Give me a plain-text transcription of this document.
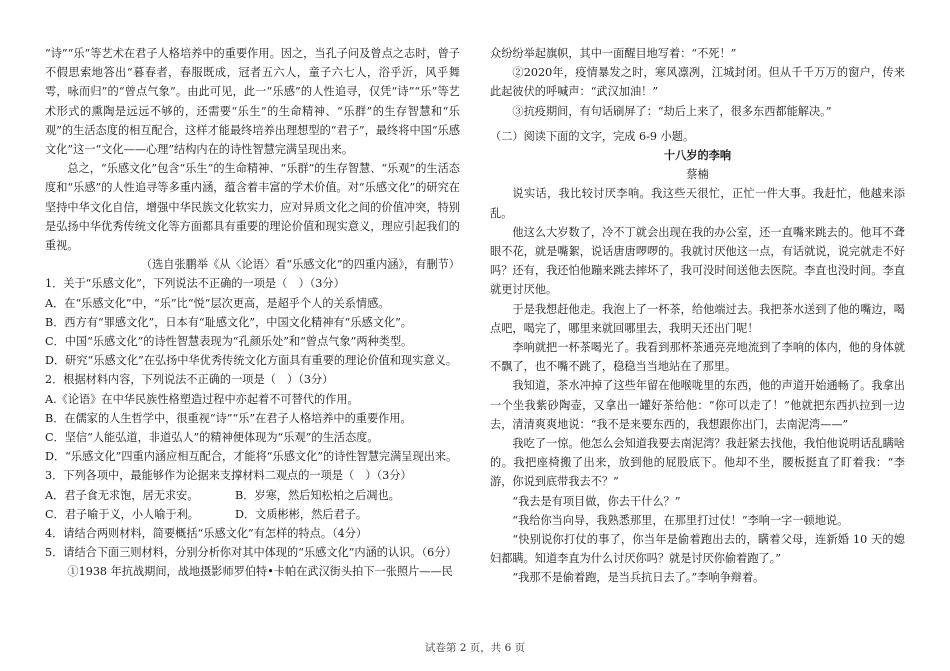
“诗”“乐”等艺术在君子人格培养中的重要作用。因之，当孔子问及曾点之志时，曾子不假思索地答出“暮春者，春服既成，冠者五六人，童子六七人，浴乎沂，风乎舞雩，咏而归”的“曾点气象”。由此可见，此一“乐感”的人性追寻，仅凭“诗”“乐”等艺术形式的熏陶是远远不够的，还需要“乐生”的生命精神、“乐群”的生存智慧和“乐观”的生活态度的相互配合，这样才能最终培养出理想型的“君子”，最终将中国“乐感文化”这一“文化——心理”结构内在的诗性智慧完满呈现出来。

总之，“乐感文化”包含“乐生”的生命精神、“乐群”的生存智慧、“乐观”的生活态度和“乐感”的人性追寻等多重内涵，蕴含着丰富的学术价值。对“乐感文化”的研究在坚持中华文化自信，增强中华民族文化软实力，应对异质文化之间的价值冲突，特别是弘扬中华优秀传统文化等方面都具有重要的理论价值和现实意义，理应引起我们的重视。

（选自张鹏举《从〈论语〉看“乐感文化”的四重内涵》，有删节）

1．关于“乐感文化”，下列说法不正确的一项是（　）（3分）

A．在“乐感文化”中，“乐”比“悦”层次更高，是超乎个人的关系情感。

B．西方有“罪感文化”，日本有“耻感文化”，中国文化精神有“乐感文化”。

C．中国“乐感文化”的诗性智慧表现为“孔颜乐处”和“曾点气象”两种类型。

D．研究“乐感文化”在弘扬中华优秀传统文化方面具有重要的理论价值和现实意义。

2．根据材料内容，下列说法不正确的一项是（　）（3分）

A.《论语》在中华民族性格塑造过程中亦起着不可替代的作用。

B．在儒家的人生哲学中，很重视“诗”“乐”在君子人格培养中的重要作用。

C．坚信“人能弘道，非道弘人”的精神便体现为“乐观”的生活态度。

D．“乐感文化”四重内涵应相互配合，才能将“乐感文化”的诗性智慧完满呈现出来。

3．下列各项中，最能够作为论据来支撑材料二观点的一项是（　）（3分）

A．君子食无求饱，居无求安。	B．岁寒，然后知松柏之后凋也。
C．君子喻于义，小人喻于利。	D．文质彬彬，然后君子。

4．请结合两则材料，简要概括“乐感文化”有怎样的特点。（4分）

5．请结合下面三则材料，分别分析你对其中体现的“乐感文化”内涵的认识。（6分）

①1938 年抗战期间，战地摄影师罗伯特•卡帕在武汉街头拍下一张照片——民

众纷纷举起旗帜，其中一面醒目地写着：“不死！”

②2020年，疫情暴发之时，寒风凛冽，江城封闭。但从千千万万的窗户，传来此起彼伏的呼喊声：“武汉加油！”

③抗疫期间，有句话刷屏了：“劫后上来了，很多东西都能解决。”

（二）阅读下面的文字，完成 6-9 小题。

十八岁的李响

蔡楠

说实话，我比较讨厌李响。我这些天很忙，正忙一件大事。我赶忙，他越来添乱。

他这么大岁数了，冷不丁就会出现在我的办公室，还一直嘴来跳去的。他耳不聋眼不花，就是嘴絮，说话唐唐啰啰的。我就讨厌他这一点，有话就说，说完就走不好吗？还有，我还怕他蹦来跳去摔坏了，我可没时间送他去医院。李直也没时间。李直就更讨厌他。

于是我想赶他走。我泡上了一杯茶，给他端过去。我把茶水送到了他的嘴边，喝点吧，喝完了，哪里来就回哪里去，我明天还出门呢！

李响就把一杯茶喝光了。我看到那杯茶通亮亮地流到了李响的体内，他的身体就不飘了，也不嘴不跳了，稳稳当当地站在了那里。

我知道，茶水冲掉了这些年留在他喉咙里的东西，他的声道开始通畅了。我拿出一个坐我紫砂陶壶，又拿出一罐好茶给他：“你可以走了！”他就把东西扒拉到一边去，清清爽爽地说：“我不是来要东西的，我想跟你出门，去南泥湾——”

我吃了一惊。他怎么会知道我要去南泥湾？我赶紧去找他，我怕他说明话乱瞒啥的。我把座椅搬了出来，放到他的屁股底下。他却不坐，腰板挺直了盯着我：“李游，你说到底带我去不？”

“我去是有项目做，你去干什么？”

“我给你当向导，我熟悉那里，在那里打过仗！”李响一字一顿地说。

“快别说你打仗的事了，你当年是偷着跑出去的，瞒着父母，连新婚 10 天的媳妇都瞒。知道李直为什么讨厌你吗？就是讨厌你偷着跑了。”

“我那不是偷着跑，是当兵抗日去了。”李响争辩着。

试卷第 2 页，共 6 页
